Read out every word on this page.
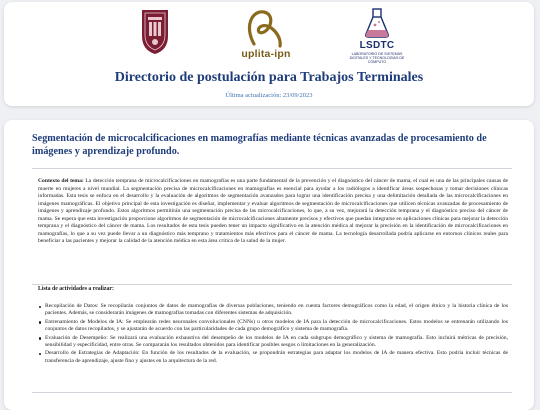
uplita-ipn
LSDTC
LABORATORIO DE SISTEMAS
DIGITALES Y TECNOLOGÍAS DE CÓMPUTO
Directorio de postulación para Trabajos Terminales
Última actualización: 23/09/2023
Segmentación de microcalcificaciones en mamografías mediante técnicas avanzadas de procesamiento de imágenes y aprendizaje profundo.

Contexto del tema: La detección temprana de microcalcificaciones en mamografías es una parte fundamental de la prevención y el diagnóstico del cáncer de mama, el cual es una de las principales causas de muerte en mujeres a nivel mundial. La segmentación precisa de microcalcificaciones en mamografías es esencial para ayudar a los radiólogos a identificar áreas sospechosas y tomar decisiones clínicas informadas. Esta tesis se enfoca en el desarrollo y la evaluación de algoritmos de segmentación avanzados para lograr una identificación precisa y una delimitación detallada de las microcalcificaciones en imágenes mamográficas. El objetivo principal de esta investigación es diseñar, implementar y evaluar algoritmos de segmentación de microcalcificaciones que utilicen técnicas avanzadas de procesamiento de imágenes y aprendizaje profundo. Estos algoritmos permitirán una segmentación precisa de las microcalcificaciones, lo que, a su vez, mejorará la detección temprana y el diagnóstico preciso del cáncer de mama. Se espera que esta investigación proporcione algoritmos de segmentación de microcalcificaciones altamente precisos y efectivos que puedan integrarse en aplicaciones clínicas para mejorar la detección temprana y el diagnóstico del cáncer de mama. Los resultados de esta tesis pueden tener un impacto significativo en la atención médica al mejorar la precisión en la identificación de microcalcificaciones en mamografías, lo que a su vez puede llevar a un diagnóstico más temprano y tratamientos más efectivos para el cáncer de mama. La tecnología desarrollada podría aplicarse en entornos clínicos reales para beneficiar a las pacientes y mejorar la calidad de la atención médica en esta área crítica de la salud de la mujer.

Lista de actividades a realizar:
Recopilación de Datos: Se recopilarán conjuntos de datos de mamografías de diversas poblaciones, teniendo en cuenta factores demográficos como la edad, el origen étnico y la historia clínica de los pacientes. Además, se considerarán imágenes de mamografías tomadas con diferentes sistemas de adquisición.
Entrenamiento de Modelos de IA: Se emplearán redes neuronales convolucionales (CNNs) u otros modelos de IA para la detección de microcalcificaciones. Estos modelos se entrenarán utilizando los conjuntos de datos recopilados, y se ajustarán de acuerdo con las particularidades de cada grupo demográfico y sistema de mamografía.
Evaluación de Desempeño: Se realizará una evaluación exhaustiva del desempeño de los modelos de IA en cada subgrupo demográfico y sistema de mamografía. Esto incluirá métricas de precisión, sensibilidad y especificidad, entre otras. Se compararán los resultados obtenidos para identificar posibles sesgos o limitaciones en la generalización.
Desarrollo de Estrategias de Adaptación: En función de los resultados de la evaluación, se propondrán estrategias para adaptar los modelos de IA de manera efectiva. Esto podría incluir técnicas de transferencia de aprendizaje, ajuste fino y ajustes en la arquitectura de la red.
